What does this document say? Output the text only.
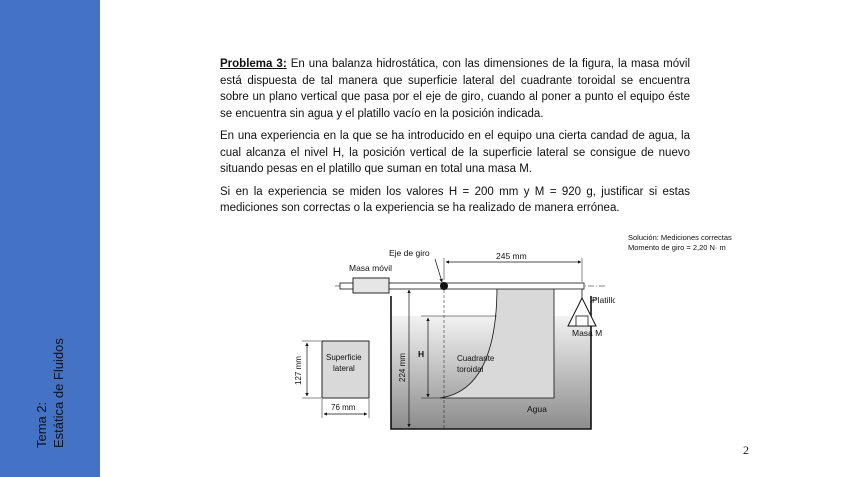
Tema 2: Estática de Fluidos

Problema 3: En una balanza hidrostática, con las dimensiones de la figura, la masa móvil está dispuesta de tal manera que superficie lateral del cuadrante toroidal se encuentra sobre un plano vertical que pasa por el eje de giro, cuando al poner a punto el equipo éste se encuentra sin agua y el platillo vacío en la posición indicada.

En una experiencia en la que se ha introducido en el equipo una cierta candad de agua, la cual alcanza el nivel H, la posición vertical de la superficie lateral se consigue de nuevo situando pesas en el platillo que suman en total una masa M.

Si en la experiencia se miden los valores H = 200 mm y M = 920 g, justificar si estas mediciones son correctas o la experiencia se ha realizado de manera errónea.

Solución: Mediciones correctas Momento de giro = 2,20 N· m
Eje de giro
Masa móvil
245 mm
Platillo
Masa M
Superficie
lateral
127 mm
76 mm
224 mm H	Cuadrante
toroidal
Agua
2
